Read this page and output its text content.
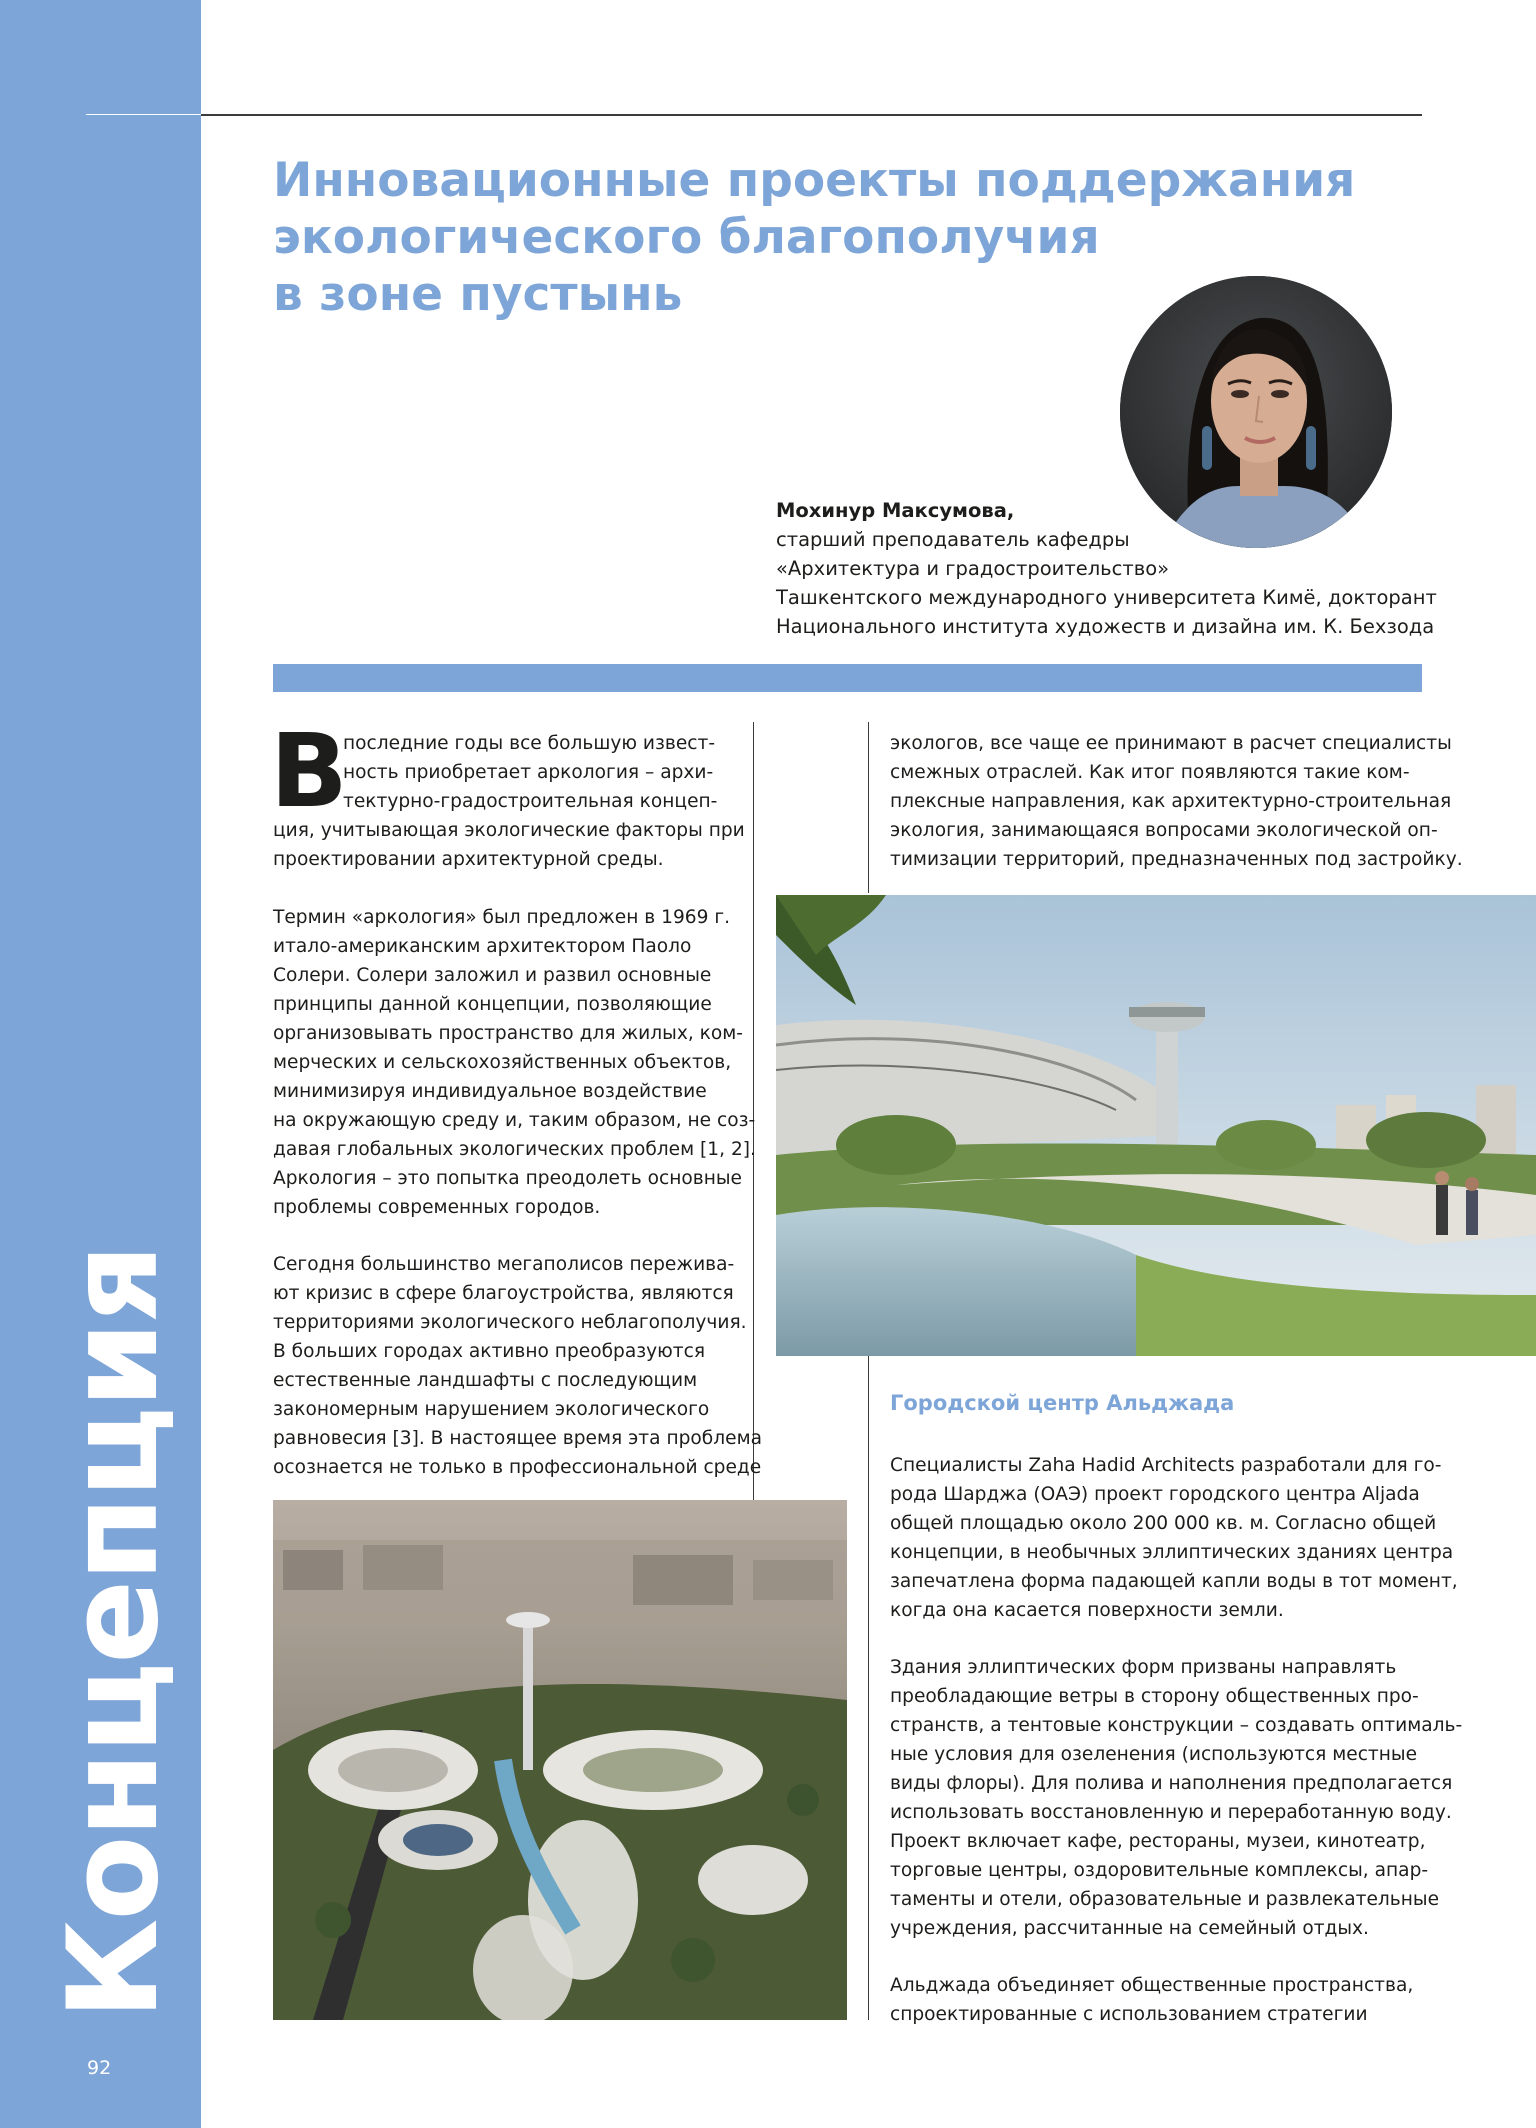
Концепция
92
Инновационные проекты поддержания
экологического благополучия
в зоне пустынь
Мохинур Максумова,
старший преподаватель кафедры
«Архитектура и градостроительство»
Ташкентского международного университета Кимё, докторант
Национального института художеств и дизайна им. К. Бехзода
В
последние годы все большую извест-
ность приобретает аркология – архи-
тектурно-градостроительная концеп-
ция, учитывающая экологические факторы при
проектировании архитектурной среды.
Термин «аркология» был предложен в 1969 г.
итало-американским архитектором Паоло
Солери. Солери заложил и развил основные
принципы данной концепции, позволяющие
организовывать пространство для жилых, ком-
мерческих и сельскохозяйственных объектов,
минимизируя индивидуальное воздействие
на окружающую среду и, таким образом, не соз-
давая глобальных экологических проблем [1, 2].
Аркология – это попытка преодолеть основные
проблемы современных городов.
Сегодня большинство мегаполисов пережива-
ют кризис в сфере благоустройства, являются
территориями экологического неблагополучия.
В больших городах активно преобразуются
естественные ландшафты с последующим
закономерным нарушением экологического
равновесия [3]. В настоящее время эта проблема
осознается не только в профессиональной среде
экологов, все чаще ее принимают в расчет специалисты
смежных отраслей. Как итог появляются такие ком-
плексные направления, как архитектурно-строительная
экология, занимающаяся вопросами экологической оп-
тимизации территорий, предназначенных под застройку.
Городской центр Альджада
Специалисты Zaha Hadid Architects разработали для го-
рода Шарджа (ОАЭ) проект городского центра Aljada
общей площадью около 200 000 кв. м. Согласно общей
концепции, в необычных эллиптических зданиях центра
запечатлена форма падающей капли воды в тот момент,
когда она касается поверхности земли.
Здания эллиптических форм призваны направлять
преобладающие ветры в сторону общественных про-
странств, а тентовые конструкции – создавать оптималь-
ные условия для озеленения (используются местные
виды флоры). Для полива и наполнения предполагается
использовать восстановленную и переработанную воду.
Проект включает кафе, рестораны, музеи, кинотеатр,
торговые центры, оздоровительные комплексы, апар-
таменты и отели, образовательные и развлекательные
учреждения, рассчитанные на семейный отдых.
Альджада объединяет общественные пространства,
спроектированные с использованием стратегии
